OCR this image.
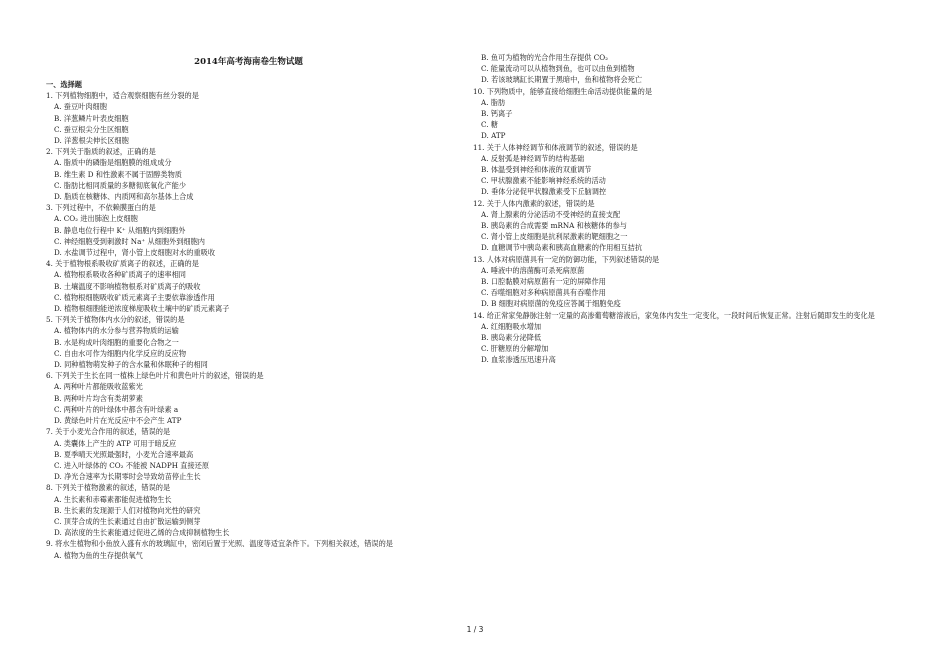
2014年高考海南卷生物试题
一、选择题
1. 下列植物细胞中，适合观察细胞有丝分裂的是
A. 蚕豆叶肉细胞
B. 洋葱鳞片叶表皮细胞
C. 蚕豆根尖分生区细胞
D. 洋葱根尖伸长区细胞
2. 下列关于脂质的叙述，正确的是
A. 脂质中的磷脂是细胞膜的组成成分
B. 维生素 D 和性激素不属于固醇类物质
C. 脂肪比相同质量的多糖彻底氧化产能少
D. 脂质在核糖体、内质网和高尔基体上合成
3. 下列过程中，不依赖膜蛋白的是
A. CO₂ 进出肺泡上皮细胞
B. 静息电位行程中 K⁺ 从细胞内到细胞外
C. 神经细胞受到刺激时 Na⁺ 从细胞外到细胞内
D. 水盐调节过程中，肾小管上皮细胞对水的重吸收
4. 关于植物根系吸收矿质离子的叙述，正确的是
A. 植物根系吸收各种矿质离子的速率相同
B. 土壤温度不影响植物根系对矿质离子的吸收
C. 植物根细胞吸收矿质元素离子主要依靠渗透作用
D. 植物根细胞能逆浓度梯度吸收土壤中的矿质元素离子
5. 下列关于植物体内水分的叙述，错误的是
A. 植物体内的水分参与营养物质的运输
B. 水是构成叶肉细胞的重要化合物之一
C. 自由水可作为细胞内化学反应的反应物
D. 同种植物萌发种子的含水量和休眠种子的相同
6. 下列关于生长在同一植株上绿色叶片和黄色叶片的叙述，错误的是
A. 两种叶片都能吸收蓝紫光
B. 两种叶片均含有类胡萝素
C. 两种叶片的叶绿体中都含有叶绿素 a
D. 黄绿色叶片在光反应中不会产生 ATP
7. 关于小麦光合作用的叙述，错误的是
A. 类囊体上产生的 ATP 可用于暗反应
B. 夏季晴天光照最强时，小麦光合速率最高
C. 进入叶绿体的 CO₂ 不能被 NADPH 直接还原
D. 净光合速率为长期零时会导致幼苗停止生长
8. 下列关于植物激素的叙述，错误的是
A. 生长素和赤霉素都能促进植物生长
B. 生长素的发现源于人们对植物向光性的研究
C. 顶芽合成的生长素通过自由扩散运输到侧芽
D. 高浓度的生长素能通过促进乙烯的合成抑制植物生长
9. 将水生植物和小鱼放入盛有水的玻璃缸中，密闭后置于光照、温度等适宜条件下。下列相关叙述，错误的是
A. 植物为鱼的生存提供氧气
B. 鱼可为植物的光合作用生存提供 CO₂
C. 能量流动可以从植物到鱼，也可以由鱼到植物
D. 若该玻璃缸长期置于黑暗中，鱼和植物将会死亡
10. 下列物质中，能够直接给细胞生命活动提供能量的是
A. 脂肪
B. 钙离子
C. 糖
D. ATP
11. 关于人体神经调节和体液调节的叙述，错误的是
A. 反射弧是神经调节的结构基础
B. 体温受到神经和体液的双重调节
C. 甲状腺激素不能影响神经系统的活动
D. 垂体分泌促甲状腺激素受下丘脑调控
12. 关于人体内激素的叙述，错误的是
A. 肾上腺素的分泌活动不受神经的直接支配
B. 胰岛素的合成需要 mRNA 和核糖体的参与
C. 肾小管上皮细胞是抗利尿激素的靶细胞之一
D. 血糖调节中胰岛素和胰高血糖素的作用相互拮抗
13. 人体对病原菌具有一定的防御功能，下列叙述错误的是
A. 唾液中的溶菌酶可杀死病原菌
B. 口腔黏膜对病原菌有一定的屏障作用
C. 吞噬细胞对多种病原菌具有吞噬作用
D. B 细胞对病原菌的免疫应答属于细胞免疫
14. 给正常家兔静脉注射一定量的高渗葡萄糖溶液后，家兔体内发生一定变化，一段时间后恢复正常。注射后随即发生的变化是
A. 红细胞吸水增加
B. 胰岛素分泌降低
C. 肝糖原的分解增加
D. 血浆渗透压迅速升高
1 / 3
